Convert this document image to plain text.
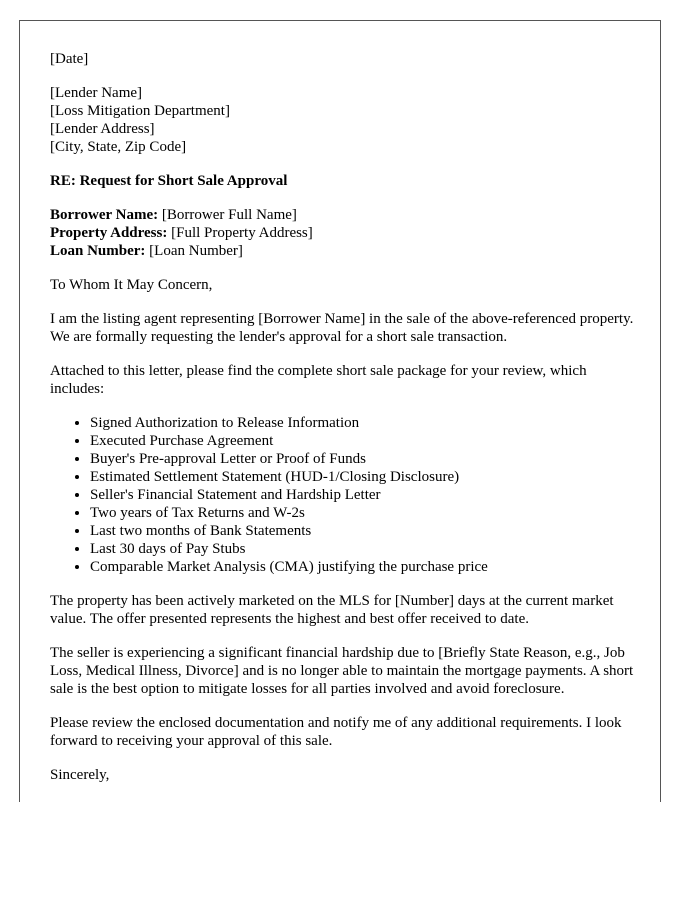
[Date]

[Lender Name]
[Loss Mitigation Department]
[Lender Address]
[City, State, Zip Code]

RE: Request for Short Sale Approval

Borrower Name: [Borrower Full Name]
Property Address: [Full Property Address]
Loan Number: [Loan Number]

To Whom It May Concern,

I am the listing agent representing [Borrower Name] in the sale of the above-referenced property. We are formally requesting the lender's approval for a short sale transaction.

Attached to this letter, please find the complete short sale package for your review, which includes:

• Signed Authorization to Release Information
• Executed Purchase Agreement
• Buyer's Pre-approval Letter or Proof of Funds
• Estimated Settlement Statement (HUD-1/Closing Disclosure)
• Seller's Financial Statement and Hardship Letter
• Two years of Tax Returns and W-2s
• Last two months of Bank Statements
• Last 30 days of Pay Stubs
• Comparable Market Analysis (CMA) justifying the purchase price

The property has been actively marketed on the MLS for [Number] days at the current market value. The offer presented represents the highest and best offer received to date.

The seller is experiencing a significant financial hardship due to [Briefly State Reason, e.g., Job Loss, Medical Illness, Divorce] and is no longer able to maintain the mortgage payments. A short sale is the best option to mitigate losses for all parties involved and avoid foreclosure.

Please review the enclosed documentation and notify me of any additional requirements. I look forward to receiving your approval of this sale.

Sincerely,
